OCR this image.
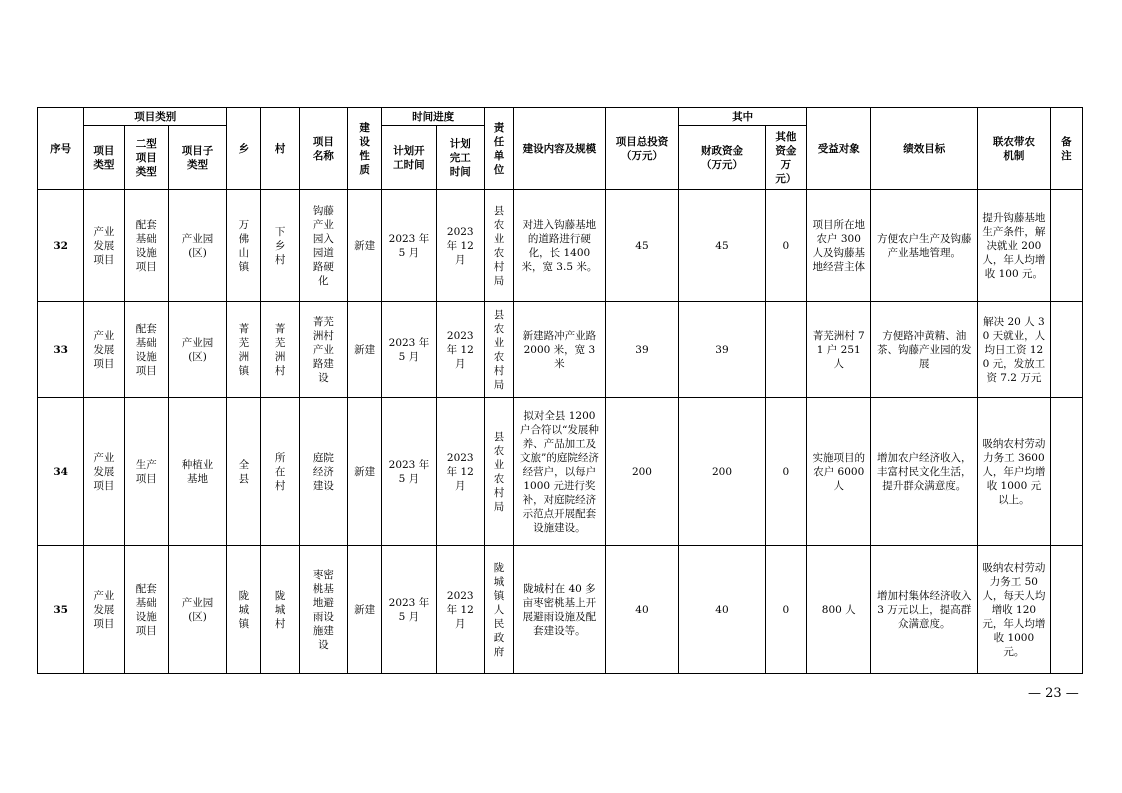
序号	项目类别			乡	村	项目名称	建设性质	时间进度		责任单位	建设内容及规模	项目总投资（万元）	其中		受益对象	绩效目标	联农带农机制	备注
	项目类型	二型项目类型	项目子类型					计划开工时间	计划完工时间				财政资金（万元）	其他资金万元）				
32	产业发展项目	配套基础设施项目	产业园(区)	万佛山镇	下乡村	钩藤产业园入园道路硬化	新建	2023 年 5 月	2023 年 12 月	县农业农村局	对进入钩藤基地的道路进行硬化，长 1400 米，宽 3.5 米。	45	45	0	项目所在地农户 300 人及钩藤基地经营主体	方便农户生产及钩藤产业基地管理。	提升钩藤基地生产条件，解决就业 200 人，年人均增收 100 元。	
33	产业发展项目	配套基础设施项目	产业园(区)	菁芜洲镇	菁芜洲村	菁芜洲村产业路建设	新建	2023 年 5 月	2023 年 12 月	县农业农村局	新建路冲产业路 2000 米，宽 3 米	39	39		菁芜洲村 71 户 251 人	方便路冲黄精、油茶、钩藤产业园的发展	解决 20 人 30 天就业，人均日工资 120 元，发放工资 7.2 万元	
34	产业发展项目	生产项目	种植业基地	全县	所在村	庭院经济建设	新建	2023 年 5 月	2023 年 12 月	县农业农村局	拟对全县 1200 户合符以“发展种养、产品加工及文旅”的庭院经济经营户，以每户 1000 元进行奖补，对庭院经济示范点开展配套设施建设。	200	200	0	实施项目的农户 6000 人	增加农户经济收入，丰富村民文化生活，提升群众满意度。	吸纳农村劳动力务工 3600 人，年户均增收 1000 元以上。	
35	产业发展项目	配套基础设施项目	产业园(区)	陇城镇	陇城村	枣密桃基地避雨设施建设	新建	2023 年 5 月	2023 年 12 月	陇城镇人民政府	陇城村在 40 多亩枣密桃基上开展避雨设施及配套建设等。	40	40	0	800 人	增加村集体经济收入 3 万元以上，提高群众满意度。	吸纳农村劳动力务工 50 人，每天人均增收 120 元，年人均增收 1000 元。	
— 23 —
